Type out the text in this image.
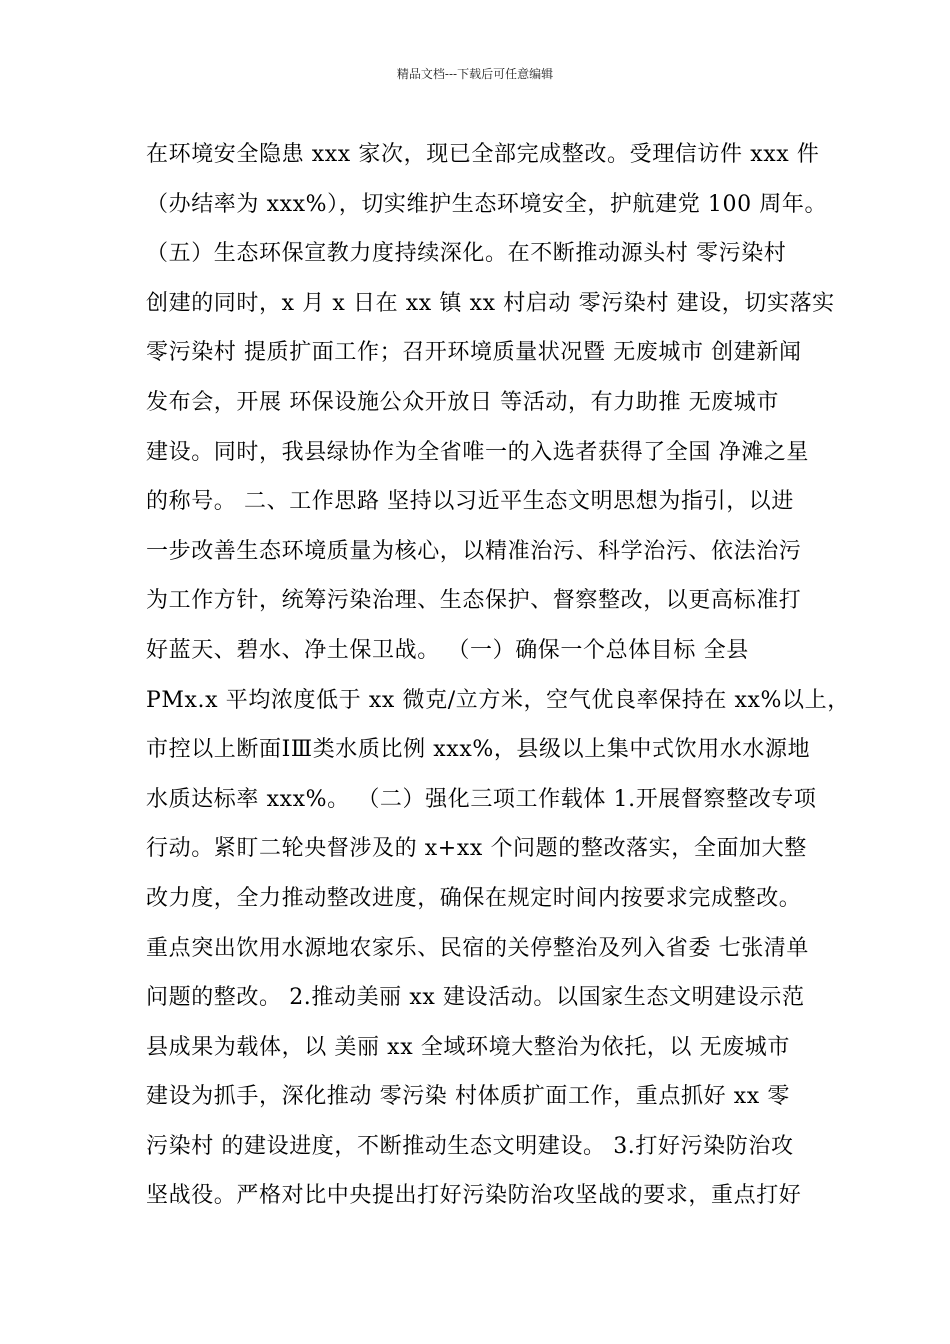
精品文档---下载后可任意编辑
在环境安全隐患 xxx 家次，现已全部完成整改。受理信访件 xxx 件
（办结率为 xxx%），切实维护生态环境安全，护航建党 100 周年。
（五）生态环保宣教力度持续深化。在不断推动源头村 零污染村
创建的同时，x 月 x 日在 xx 镇 xx 村启动 零污染村 建设，切实落实
零污染村 提质扩面工作；召开环境质量状况暨 无废城市 创建新闻
发布会，开展 环保设施公众开放日 等活动，有力助推 无废城市
建设。同时，我县绿协作为全省唯一的入选者获得了全国 净滩之星
的称号。 二、工作思路 坚持以习近平生态文明思想为指引，以进
一步改善生态环境质量为核心，以精准治污、科学治污、依法治污
为工作方针，统筹污染治理、生态保护、督察整改，以更高标准打
好蓝天、碧水、净土保卫战。 （一）确保一个总体目标 全县
PMx.x 平均浓度低于 xx 微克/立方米，空气优良率保持在 xx%以上，
市控以上断面ⅠⅢ类水质比例 xxx%，县级以上集中式饮用水水源地
水质达标率 xxx%。 （二）强化三项工作载体 1.开展督察整改专项
行动。紧盯二轮央督涉及的 x+xx 个问题的整改落实，全面加大整
改力度，全力推动整改进度，确保在规定时间内按要求完成整改。
重点突出饮用水源地农家乐、民宿的关停整治及列入省委 七张清单
问题的整改。 2.推动美丽 xx 建设活动。以国家生态文明建设示范
县成果为载体，以 美丽 xx 全域环境大整治为依托，以 无废城市
建设为抓手，深化推动 零污染 村体质扩面工作，重点抓好 xx 零
污染村 的建设进度，不断推动生态文明建设。 3.打好污染防治攻
坚战役。严格对比中央提出打好污染防治攻坚战的要求，重点打好
